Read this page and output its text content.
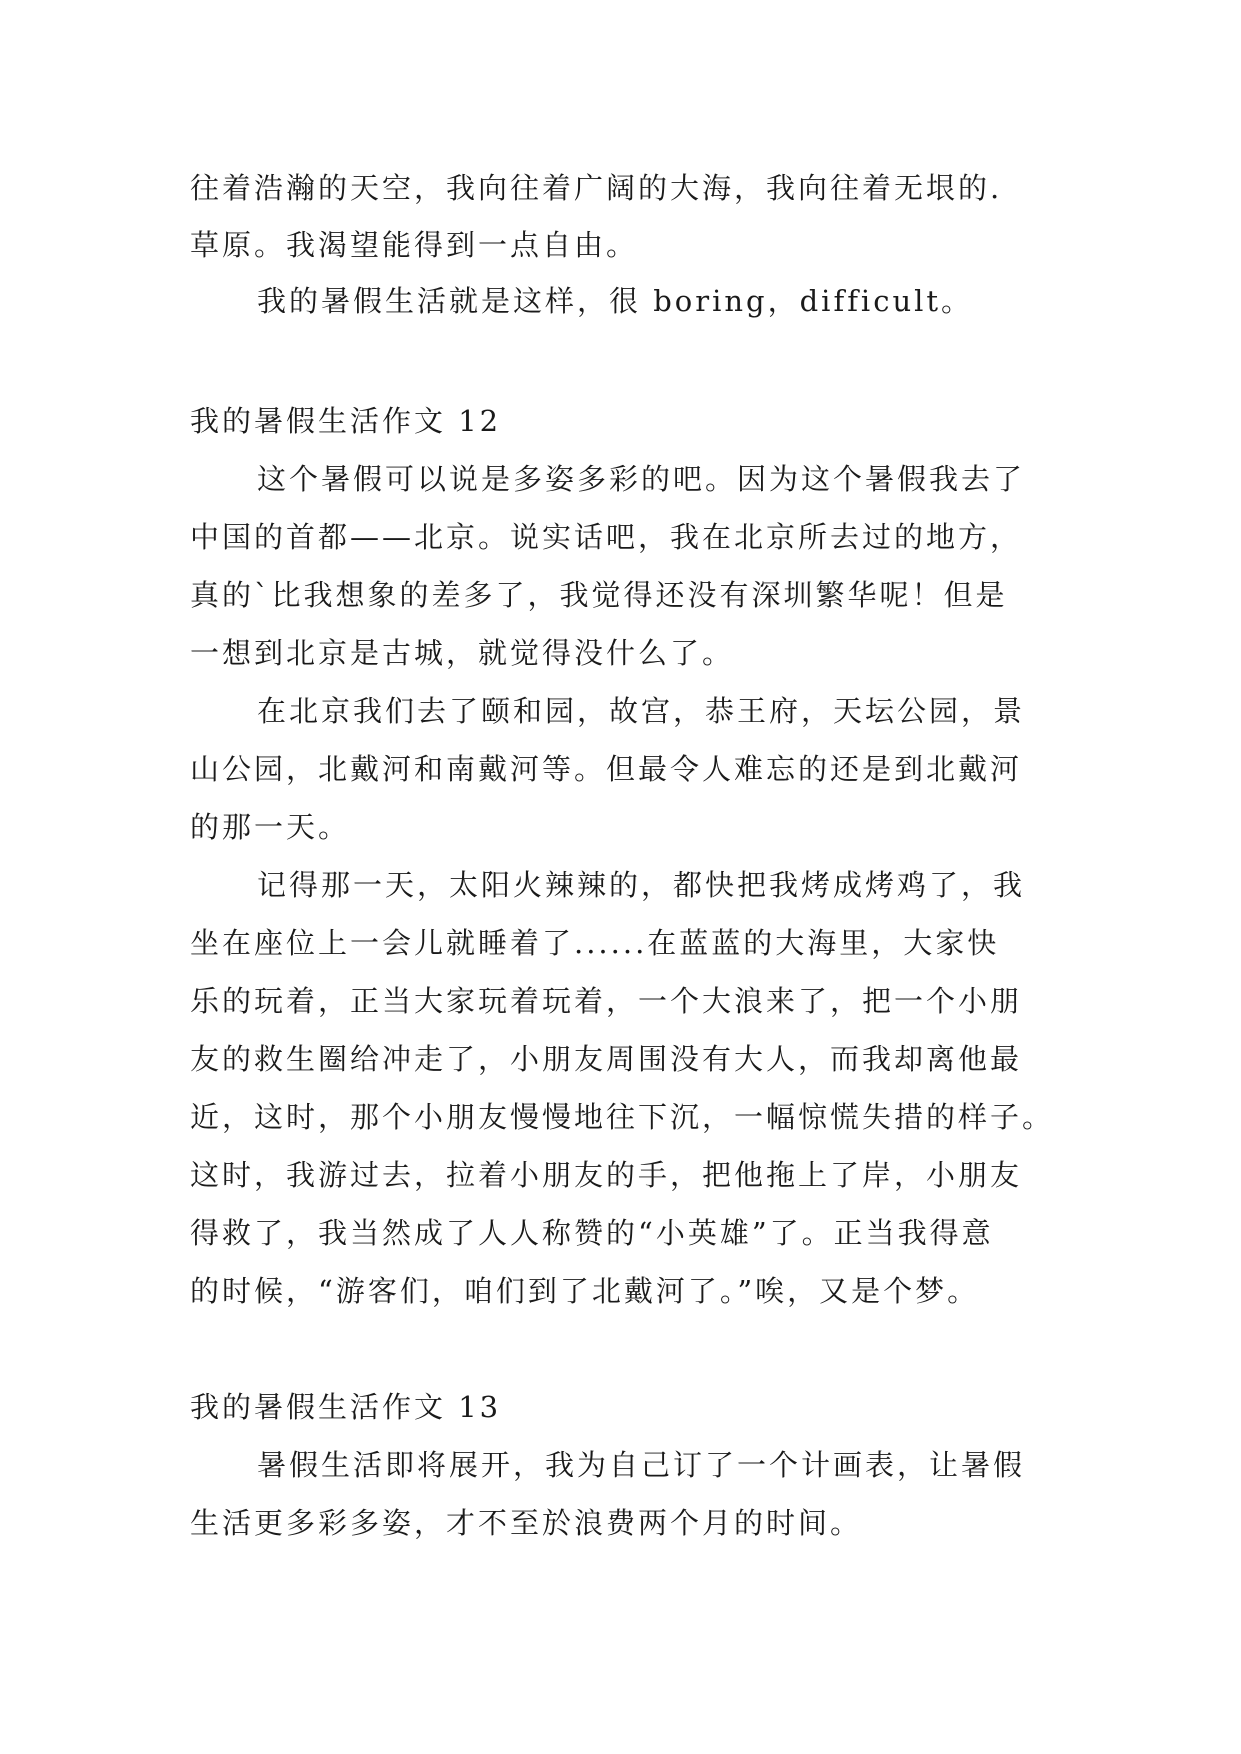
往着浩瀚的天空，我向往着广阔的大海，我向往着无垠的.
草原。我渴望能得到一点自由。
我的暑假生活就是这样，很 boring，difficult。
我的暑假生活作文 12
这个暑假可以说是多姿多彩的吧。因为这个暑假我去了
中国的首都——北京。说实话吧，我在北京所去过的地方，
真的`比我想象的差多了，我觉得还没有深圳繁华呢！但是
一想到北京是古城，就觉得没什么了。
在北京我们去了颐和园，故宫，恭王府，天坛公园，景
山公园，北戴河和南戴河等。但最令人难忘的还是到北戴河
的那一天。
记得那一天，太阳火辣辣的，都快把我烤成烤鸡了，我
坐在座位上一会儿就睡着了......在蓝蓝的大海里，大家快
乐的玩着，正当大家玩着玩着，一个大浪来了，把一个小朋
友的救生圈给冲走了，小朋友周围没有大人，而我却离他最
近，这时，那个小朋友慢慢地往下沉，一幅惊慌失措的样子。
这时，我游过去，拉着小朋友的手，把他拖上了岸，小朋友
得救了，我当然成了人人称赞的“小英雄”了。正当我得意
的时候，“游客们，咱们到了北戴河了。”唉，又是个梦。
我的暑假生活作文 13
暑假生活即将展开，我为自己订了一个计画表，让暑假
生活更多彩多姿，才不至於浪费两个月的时间。
